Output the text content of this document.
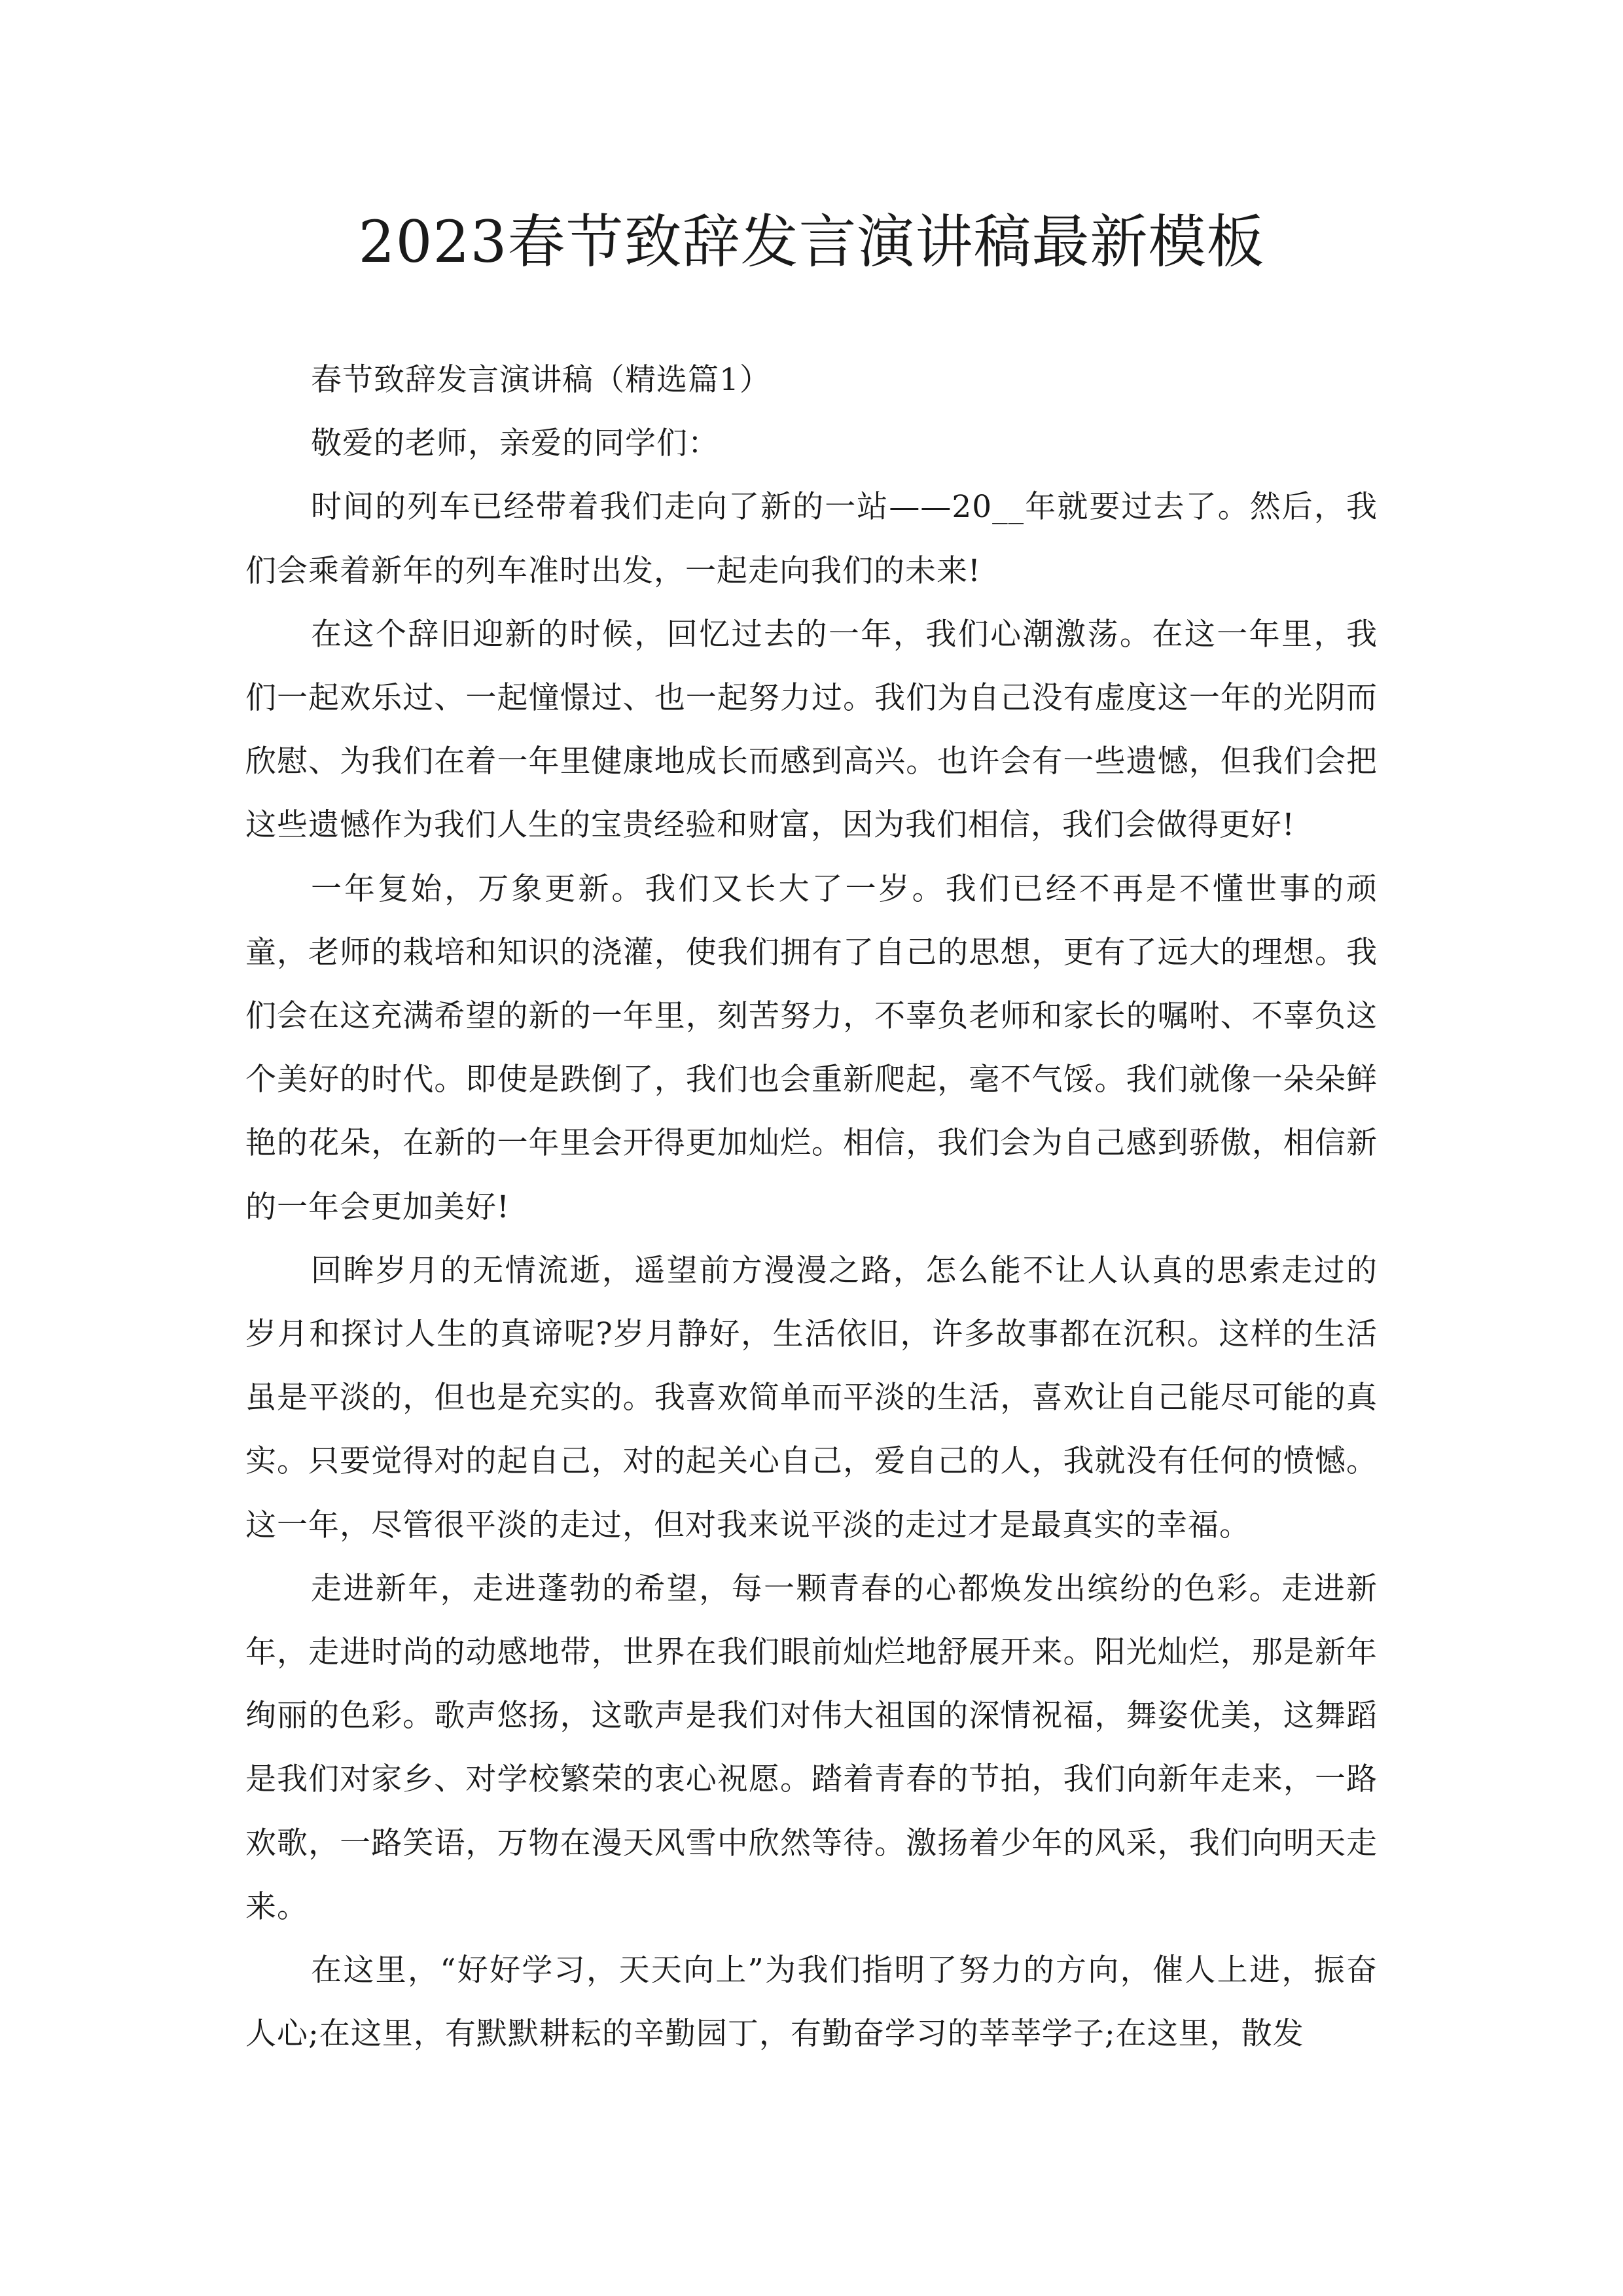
2023春节致辞发言演讲稿最新模板

春节致辞发言演讲稿（精选篇1）

敬爱的老师，亲爱的同学们：

时间的列车已经带着我们走向了新的一站——20__年就要过去了。然后，我们会乘着新年的列车准时出发，一起走向我们的未来!

在这个辞旧迎新的时候，回忆过去的一年，我们心潮激荡。在这一年里，我们一起欢乐过、一起憧憬过、也一起努力过。我们为自己没有虚度这一年的光阴而欣慰、为我们在着一年里健康地成长而感到高兴。也许会有一些遗憾，但我们会把这些遗憾作为我们人生的宝贵经验和财富，因为我们相信，我们会做得更好!

一年复始，万象更新。我们又长大了一岁。我们已经不再是不懂世事的顽童，老师的栽培和知识的浇灌，使我们拥有了自己的思想，更有了远大的理想。我们会在这充满希望的新的一年里，刻苦努力，不辜负老师和家长的嘱咐、不辜负这个美好的时代。即使是跌倒了，我们也会重新爬起，毫不气馁。我们就像一朵朵鲜艳的花朵，在新的一年里会开得更加灿烂。相信，我们会为自己感到骄傲，相信新的一年会更加美好!

回眸岁月的无情流逝，遥望前方漫漫之路，怎么能不让人认真的思索走过的岁月和探讨人生的真谛呢?岁月静好，生活依旧，许多故事都在沉积。这样的生活虽是平淡的，但也是充实的。我喜欢简单而平淡的生活，喜欢让自己能尽可能的真实。只要觉得对的起自己，对的起关心自己，爱自己的人，我就没有任何的愤憾。这一年，尽管很平淡的走过，但对我来说平淡的走过才是最真实的幸福。

走进新年，走进蓬勃的希望，每一颗青春的心都焕发出缤纷的色彩。走进新年，走进时尚的动感地带，世界在我们眼前灿烂地舒展开来。阳光灿烂，那是新年绚丽的色彩。歌声悠扬，这歌声是我们对伟大祖国的深情祝福，舞姿优美，这舞蹈是我们对家乡、对学校繁荣的衷心祝愿。踏着青春的节拍，我们向新年走来，一路欢歌，一路笑语，万物在漫天风雪中欣然等待。激扬着少年的风采，我们向明天走来。

在这里，“好好学习，天天向上”为我们指明了努力的方向，催人上进，振奋人心;在这里，有默默耕耘的辛勤园丁，有勤奋学习的莘莘学子;在这里，散发
